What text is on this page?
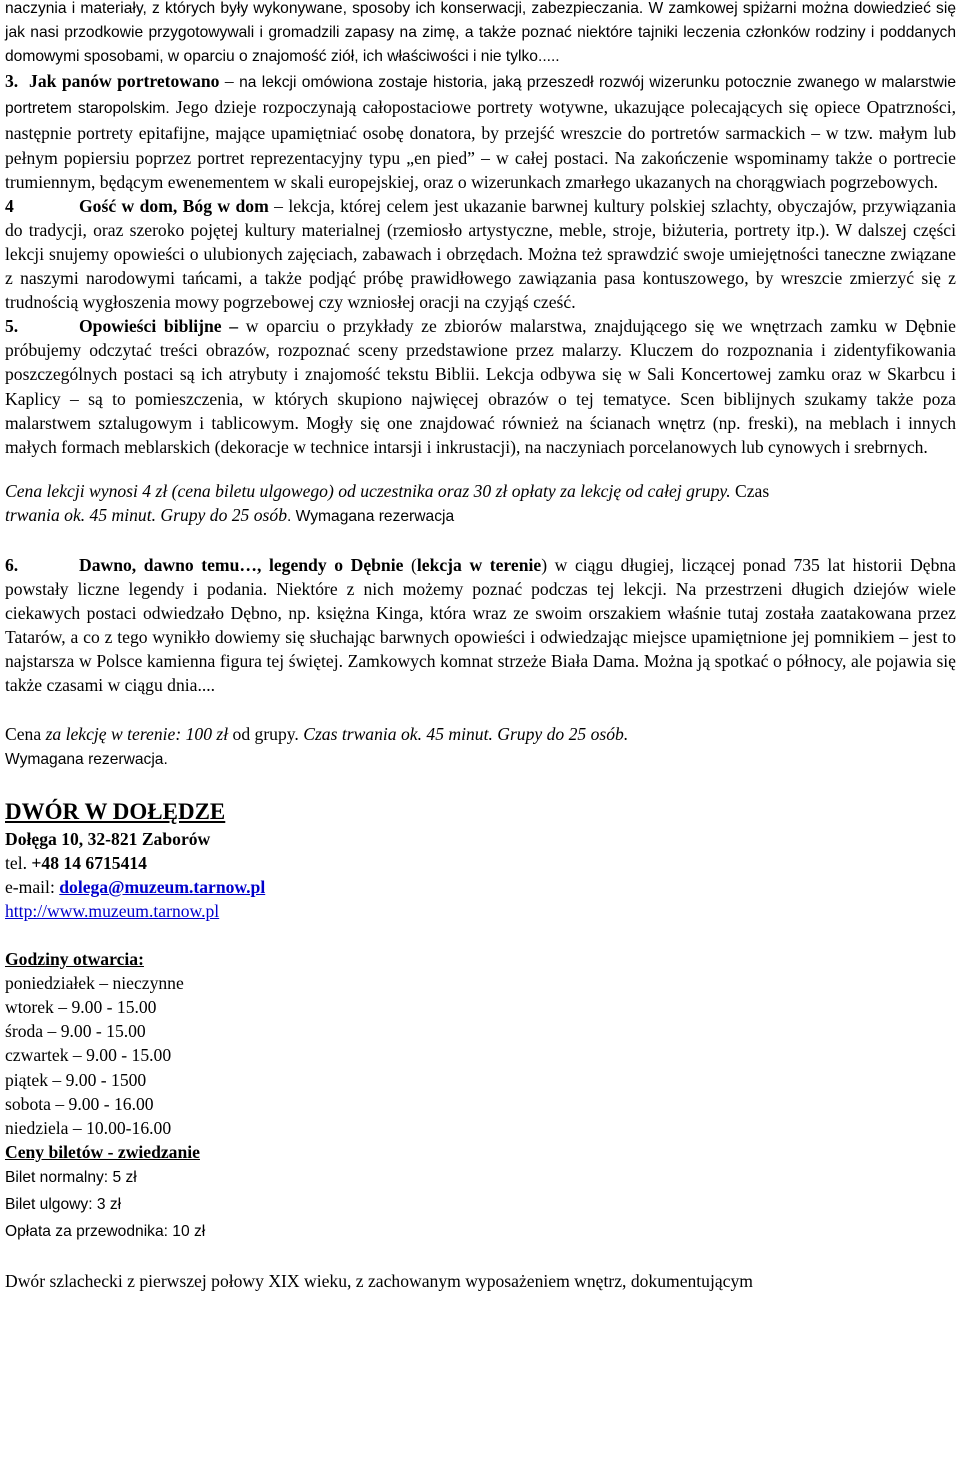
naczynia i materiały, z których były wykonywane, sposoby ich konserwacji, zabezpieczania. W zamkowej spiżarni można dowiedzieć się jak nasi przodkowie przygotowywali i gromadzili zapasy na zimę, a także poznać niektóre tajniki leczenia członków rodziny i poddanych domowymi sposobami, w oparciu o znajomość ziół, ich właściwości i nie tylko.....

3. Jak panów portretowano – na lekcji omówiona zostaje historia, jaką przeszedł rozwój wizerunku potocznie zwanego w malarstwie portretem staropolskim. Jego dzieje rozpoczynają całopostaciowe portrety wotywne, ukazujące polecających się opiece Opatrzności, następnie portrety epitafijne, mające upamiętniać osobę donatora, by przejść wreszcie do portretów sarmackich – w tzw. małym lub pełnym popiersiu poprzez portret reprezentacyjny typu „en pied” – w całej postaci. Na zakończenie wspominamy także o portrecie trumiennym, będącym ewenementem w skali europejskiej, oraz o wizerunkach zmarłego ukazanych na chorągwiach pogrzebowych.

4	Gość w dom, Bóg w dom – lekcja, której celem jest ukazanie barwnej kultury polskiej szlachty, obyczajów, przywiązania do tradycji, oraz szeroko pojętej kultury materialnej (rzemiosło artystyczne, meble, stroje, biżuteria, portrety itp.). W dalszej części lekcji snujemy opowieści o ulubionych zajęciach, zabawach i obrzędach. Można też sprawdzić swoje umiejętności taneczne związane z naszymi narodowymi tańcami, a także podjąć próbę prawidłowego zawiązania pasa kontuszowego, by wreszcie zmierzyć się z trudnością wygłoszenia mowy pogrzebowej czy wzniosłej oracji na czyjąś cześć.

5.	Opowieści biblijne – w oparciu o przykłady ze zbiorów malarstwa, znajdującego się we wnętrzach zamku w Dębnie próbujemy odczytać treści obrazów, rozpoznać sceny przedstawione przez malarzy. Kluczem do rozpoznania i zidentyfikowania poszczególnych postaci są ich atrybuty i znajomość tekstu Biblii. Lekcja odbywa się w Sali Koncertowej zamku oraz w Skarbcu i Kaplicy – są to pomieszczenia, w których skupiono najwięcej obrazów o tej tematyce. Scen biblijnych szukamy także poza malarstwem sztalugowym i tablicowym. Mogły się one znajdować również na ścianach wnętrz (np. freski), na meblach i innych małych formach meblarskich (dekoracje w technice intarsji i inkrustacji), na naczyniach porcelanowych lub cynowych i srebrnych.

Cena lekcji wynosi 4 zł (cena biletu ulgowego) od uczestnika oraz 30 zł opłaty za lekcję od całej grupy. Czas
trwania ok. 45 minut. Grupy do 25 osób. Wymagana rezerwacja

6.	Dawno, dawno temu…, legendy o Dębnie (lekcja w terenie) w ciągu długiej, liczącej ponad 735 lat historii Dębna powstały liczne legendy i podania. Niektóre z nich możemy poznać podczas tej lekcji. Na przestrzeni długich dziejów wiele ciekawych postaci odwiedzało Dębno, np. księżna Kinga, która wraz ze swoim orszakiem właśnie tutaj została zaatakowana przez Tatarów, a co z tego wynikło dowiemy się słuchając barwnych opowieści i odwiedzając miejsce upamiętnione jej pomnikiem – jest to najstarsza w Polsce kamienna figura tej świętej. Zamkowych komnat strzeże Biała Dama. Można ją spotkać o północy, ale pojawia się także czasami w ciągu dnia....

Cena za lekcję w terenie: 100 zł od grupy. Czas trwania ok. 45 minut. Grupy do 25 osób.
Wymagana rezerwacja.

DWÓR W DOŁĘDZE
Dołęga 10, 32-821 Zaborów
tel. +48 14 6715414
e-mail: dolega@muzeum.tarnow.pl
http://www.muzeum.tarnow.pl
Godziny otwarcia:
poniedziałek – nieczynne
wtorek – 9.00 - 15.00
środa – 9.00 - 15.00
czwartek – 9.00 - 15.00
piątek – 9.00 - 1500
sobota – 9.00 - 16.00
niedziela – 10.00-16.00
Ceny biletów - zwiedzanie
Bilet normalny: 5 zł
Bilet ulgowy: 3 zł
Opłata za przewodnika: 10 zł

Dwór szlachecki z pierwszej połowy XIX wieku, z zachowanym wyposażeniem wnętrz, dokumentującym
